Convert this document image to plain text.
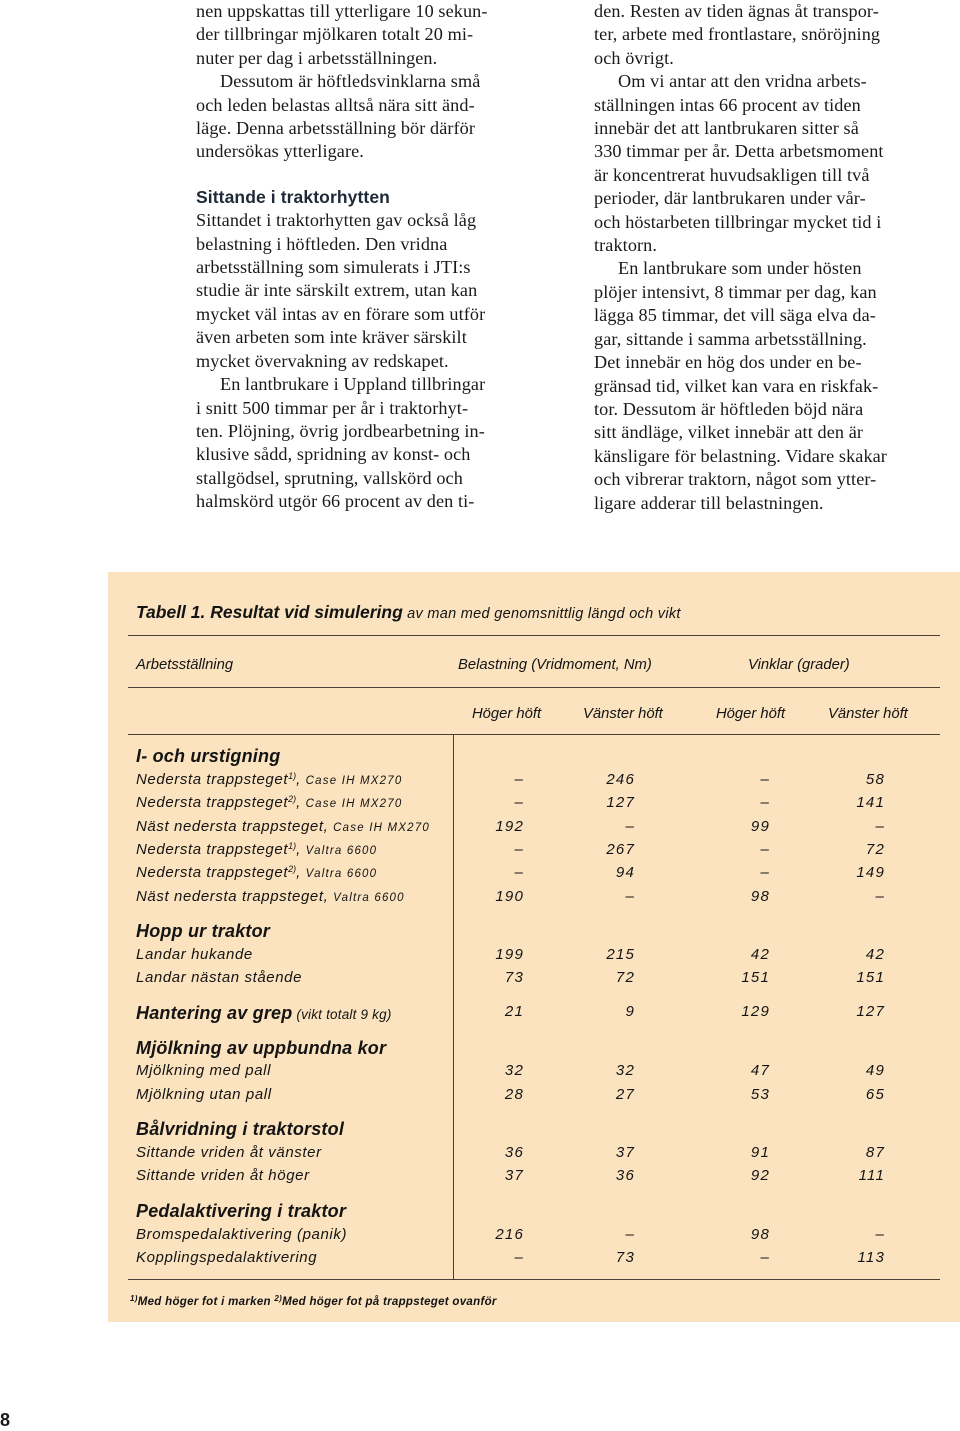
nen uppskattas till ytterligare 10 sekun-
der tillbringar mjölkaren totalt 20 mi-
nuter per dag i arbetsställningen.

Dessutom är höftledsvinklarna små
och leden belastas alltså nära sitt änd-
läge. Denna arbetsställning bör därför
undersökas ytterligare.

Sittande i traktorhytten

Sittandet i traktorhytten gav också låg
belastning i höftleden. Den vridna
arbetsställning som simulerats i JTI:s
studie är inte särskilt extrem, utan kan
mycket väl intas av en förare som utför
även arbeten som inte kräver särskilt
mycket övervakning av redskapet.

En lantbrukare i Uppland tillbringar
i snitt 500 timmar per år i traktorhyt-
ten. Plöjning, övrig jordbearbetning in-
klusive sådd, spridning av konst- och
stallgödsel, sprutning, vallskörd och
halmskörd utgör 66 procent av den ti-

den. Resten av tiden ägnas åt transpor-
ter, arbete med frontlastare, snöröjning
och övrigt.

Om vi antar att den vridna arbets-
ställningen intas 66 procent av tiden
innebär det att lantbrukaren sitter så
330 timmar per år. Detta arbetsmoment
är koncentrerat huvudsakligen till två
perioder, där lantbrukaren under vår-
och höstarbeten tillbringar mycket tid i
traktorn.

En lantbrukare som under hösten
plöjer intensivt, 8 timmar per dag, kan
lägga 85 timmar, det vill säga elva da-
gar, sittande i samma arbetsställning.
Det innebär en hög dos under en be-
gränsad tid, vilket kan vara en riskfak-
tor. Dessutom är höftleden böjd nära
sitt ändläge, vilket innebär att den är
känsligare för belastning. Vidare skakar
och vibrerar traktorn, något som ytter-
ligare adderar till belastningen.

Tabell 1. Resultat vid simulering av man med genomsnittlig längd och vikt
Arbetsställning	Belastning (Vridmoment, Nm)	Vinklar (grader)
Höger höft	Vänster höft	Höger höft	Vänster höft
I- och urstigning
Nedersta trappsteget$^{1)}$, Case IH MX270	–	246	–	58
Nedersta trappsteget$^{2)}$, Case IH MX270	–	127	–	141
Näst nedersta trappsteget, Case IH MX270	192	–	99	–
Nedersta trappsteget$^{1)}$, Valtra 6600	–	267	–	72
Nedersta trappsteget$^{2)}$, Valtra 6600	–	94	–	149
Näst nedersta trappsteget, Valtra 6600	190	–	98	–
Hopp ur traktor
Landar hukande	199	215	42	42
Landar nästan stående	73	72	151	151
Hantering av grep (vikt totalt 9 kg)	21	9	129	127
Mjölkning av uppbundna kor
Mjölkning med pall	32	32	47	49
Mjölkning utan pall	28	27	53	65
Bålvridning i traktorstol
Sittande vriden åt vänster	36	37	91	87
Sittande vriden åt höger	37	36	92	111
Pedalaktivering i traktor
Bromspedalaktivering (panik)	216	–	98	–
Kopplingspedalaktivering	–	73	–	113
$^{1)}$Med höger fot i marken $^{2)}$Med höger fot på trappsteget ovanför
8
